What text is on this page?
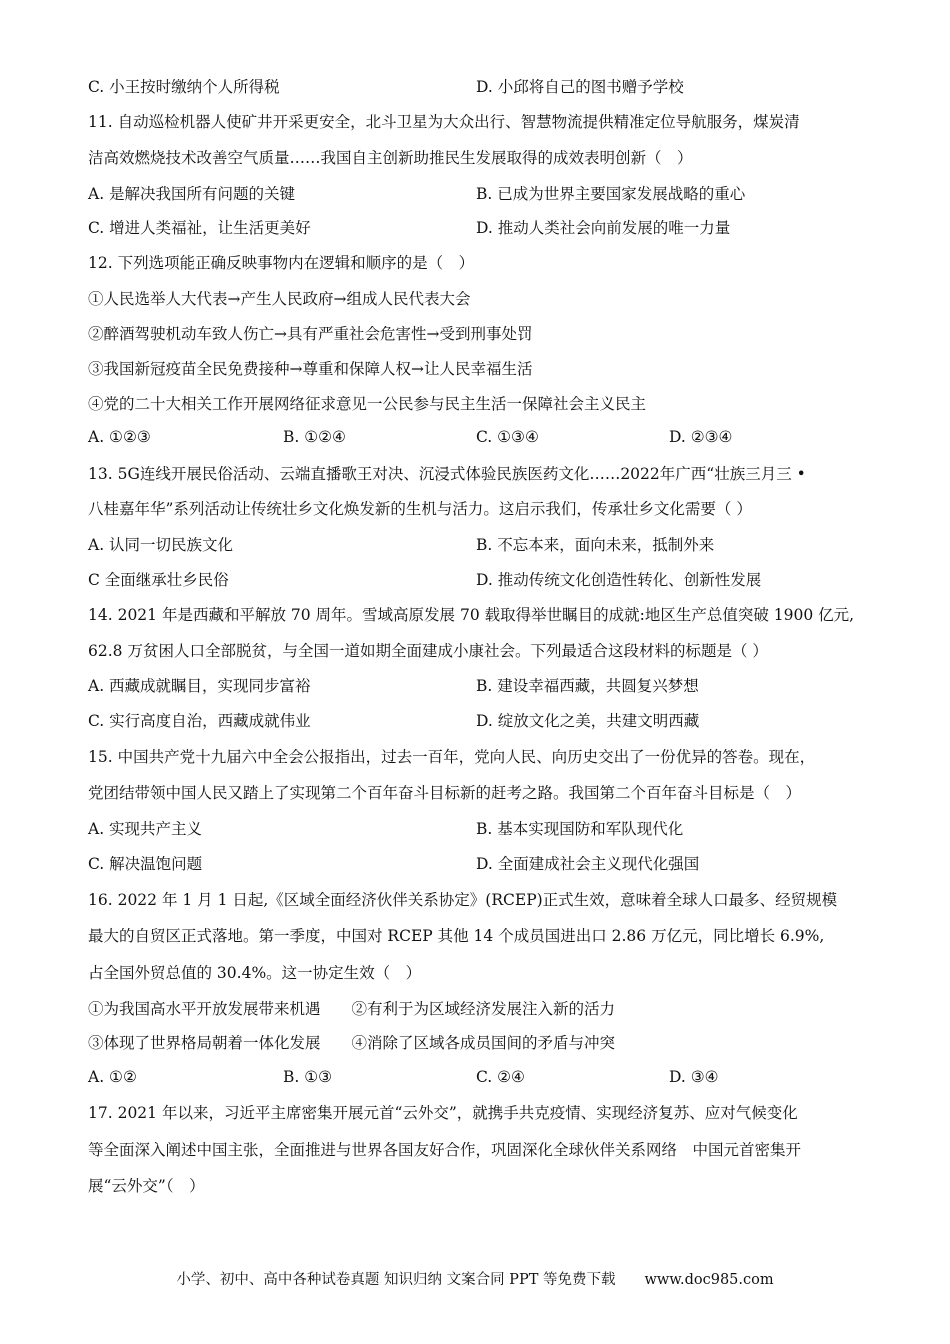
C. 小王按时缴纳个人所得税	D. 小邱将自己的图书赠予学校
11. 自动巡检机器人使矿井开采更安全，北斗卫星为大众出行、智慧物流提供精准定位导航服务，煤炭清
洁高效燃烧技术改善空气质量……我国自主创新助推民生发展取得的成效表明创新（　）
A. 是解决我国所有问题的关键	B. 已成为世界主要国家发展战略的重心
C. 增进人类福祉，让生活更美好	D. 推动人类社会向前发展的唯一力量
12. 下列选项能正确反映事物内在逻辑和顺序的是（　）
①人民选举人大代表→产生人民政府→组成人民代表大会
②醉酒驾驶机动车致人伤亡→具有严重社会危害性→受到刑事处罚
③我国新冠疫苗全民免费接种→尊重和保障人权→让人民幸福生活
④党的二十大相关工作开展网络征求意见一公民参与民主生活一保障社会主义民主
A. ①②③	B. ①②④	C. ①③④	D. ②③④
13. 5G连线开展民俗活动、云端直播歌王对决、沉浸式体验民族医药文化……2022年广西“壮族三月三 •
八桂嘉年华”系列活动让传统壮乡文化焕发新的生机与活力。这启示我们，传承壮乡文化需要（ ）
A. 认同一切民族文化	B. 不忘本来，面向未来，抵制外来
C 全面继承壮乡民俗	D. 推动传统文化创造性转化、创新性发展
14. 2021 年是西藏和平解放 70 周年。雪域高原发展 70 载取得举世瞩目的成就:地区生产总值突破 1900 亿元,
62.8 万贫困人口全部脱贫，与全国一道如期全面建成小康社会。下列最适合这段材料的标题是（ ）
A. 西藏成就瞩目，实现同步富裕	B. 建设幸福西藏，共圆复兴梦想
C. 实行高度自治，西藏成就伟业	D. 绽放文化之美，共建文明西藏
15. 中国共产党十九届六中全会公报指出，过去一百年，党向人民、向历史交出了一份优异的答卷。现在，
党团结带领中国人民又踏上了实现第二个百年奋斗目标新的赶考之路。我国第二个百年奋斗目标是（　）
A. 实现共产主义	B. 基本实现国防和军队现代化
C. 解决温饱问题	D. 全面建成社会主义现代化强国
16. 2022 年 1 月 1 日起,《区域全面经济伙伴关系协定》(RCEP)正式生效，意味着全球人口最多、经贸规模
最大的自贸区正式落地。第一季度，中国对 RCEP 其他 14 个成员国进出口 2.86 万亿元，同比增长 6.9%,
占全国外贸总值的 30.4%。这一协定生效（　）
①为我国高水平开放发展带来机遇　　②有利于为区域经济发展注入新的活力
③体现了世界格局朝着一体化发展　　④消除了区域各成员国间的矛盾与冲突
A. ①②	B. ①③	C. ②④	D. ③④
17. 2021 年以来，习近平主席密集开展元首“云外交”，就携手共克疫情、实现经济复苏、应对气候变化
等全面深入阐述中国主张，全面推进与世界各国友好合作，巩固深化全球伙伴关系网络　中国元首密集开
展“云外交”（　）
小学、初中、高中各种试卷真题 知识归纳 文案合同 PPT 等免费下载　　www.doc985.com
